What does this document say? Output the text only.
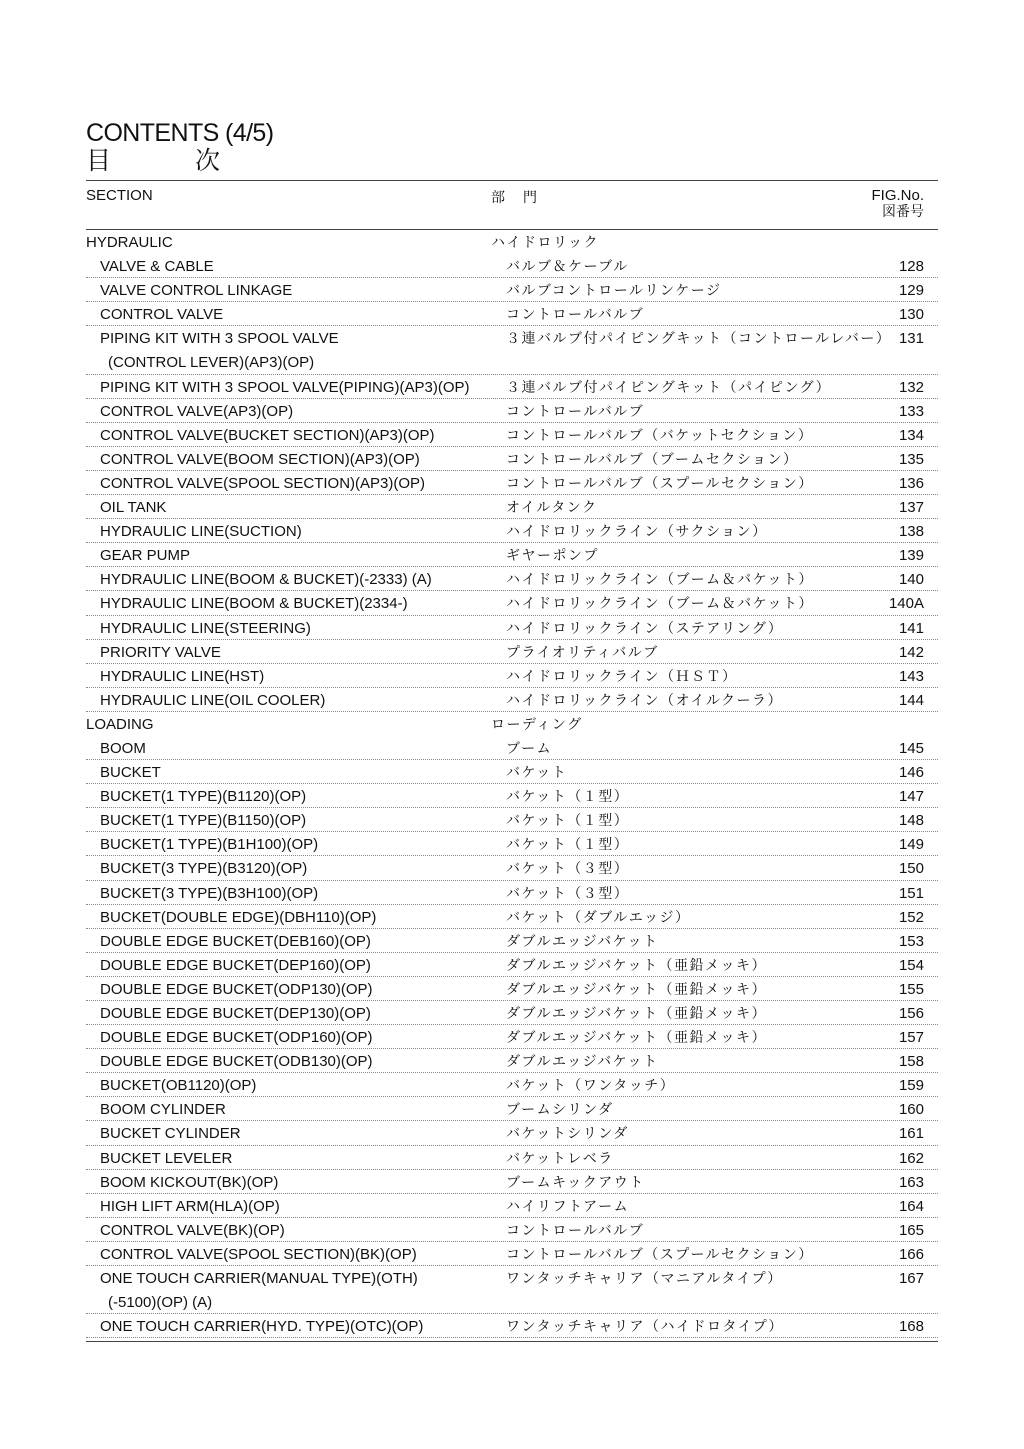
CONTENTS (4/5)
目	次
SECTION	部門	FIG.No.
図番号
HYDRAULIC	ハイドロリック
VALVE & CABLE	バルブ＆ケーブル	128
VALVE CONTROL LINKAGE	バルブコントロールリンケージ	129
CONTROL VALVE	コントロールバルブ	130
PIPING KIT WITH 3 SPOOL VALVE	３連バルブ付パイピングキット（コントロールレバー） 131
(CONTROL LEVER)(AP3)(OP)
PIPING KIT WITH 3 SPOOL VALVE(PIPING)(AP3)(OP)	３連バルブ付パイピングキット（パイピング）	132
CONTROL VALVE(AP3)(OP)	コントロールバルブ	133
CONTROL VALVE(BUCKET SECTION)(AP3)(OP)	コントロールバルブ（バケットセクション）	134
CONTROL VALVE(BOOM SECTION)(AP3)(OP)	コントロールバルブ（ブームセクション）	135
CONTROL VALVE(SPOOL SECTION)(AP3)(OP)	コントロールバルブ（スプールセクション）	136
OIL TANK	オイルタンク	137
HYDRAULIC LINE(SUCTION)	ハイドロリックライン（サクション）	138
GEAR PUMP	ギヤーポンプ	139
HYDRAULIC LINE(BOOM & BUCKET)(-2333) (A)	ハイドロリックライン（ブーム＆バケット）	140
HYDRAULIC LINE(BOOM & BUCKET)(2334-)	ハイドロリックライン（ブーム＆バケット）	140A
HYDRAULIC LINE(STEERING)	ハイドロリックライン（ステアリング）	141
PRIORITY VALVE	プライオリティバルブ	142
HYDRAULIC LINE(HST)	ハイドロリックライン（ＨＳＴ）	143
HYDRAULIC LINE(OIL COOLER)	ハイドロリックライン（オイルクーラ）	144
LOADING	ローディング
BOOM	ブーム	145
BUCKET	バケット	146
BUCKET(1 TYPE)(B1120)(OP)	バケット（１型）	147
BUCKET(1 TYPE)(B1150)(OP)	バケット（１型）	148
BUCKET(1 TYPE)(B1H100)(OP)	バケット（１型）	149
BUCKET(3 TYPE)(B3120)(OP)	バケット（３型）	150
BUCKET(3 TYPE)(B3H100)(OP)	バケット（３型）	151
BUCKET(DOUBLE EDGE)(DBH110)(OP)	バケット（ダブルエッジ）	152
DOUBLE EDGE BUCKET(DEB160)(OP)	ダブルエッジバケット	153
DOUBLE EDGE BUCKET(DEP160)(OP)	ダブルエッジバケット（亜鉛メッキ）	154
DOUBLE EDGE BUCKET(ODP130)(OP)	ダブルエッジバケット（亜鉛メッキ）	155
DOUBLE EDGE BUCKET(DEP130)(OP)	ダブルエッジバケット（亜鉛メッキ）	156
DOUBLE EDGE BUCKET(ODP160)(OP)	ダブルエッジバケット（亜鉛メッキ）	157
DOUBLE EDGE BUCKET(ODB130)(OP)	ダブルエッジバケット	158
BUCKET(OB1120)(OP)	バケット（ワンタッチ）	159
BOOM CYLINDER	ブームシリンダ	160
BUCKET CYLINDER	バケットシリンダ	161
BUCKET LEVELER	バケットレベラ	162
BOOM KICKOUT(BK)(OP)	ブームキックアウト	163
HIGH LIFT ARM(HLA)(OP)	ハイリフトアーム	164
CONTROL VALVE(BK)(OP)	コントロールバルブ	165
CONTROL VALVE(SPOOL SECTION)(BK)(OP)	コントロールバルブ（スプールセクション）	166
ONE TOUCH CARRIER(MANUAL TYPE)(OTH)	ワンタッチキャリア（マニアルタイプ）	167
(-5100)(OP) (A)
ONE TOUCH CARRIER(HYD. TYPE)(OTC)(OP)	ワンタッチキャリア（ハイドロタイプ）	168
